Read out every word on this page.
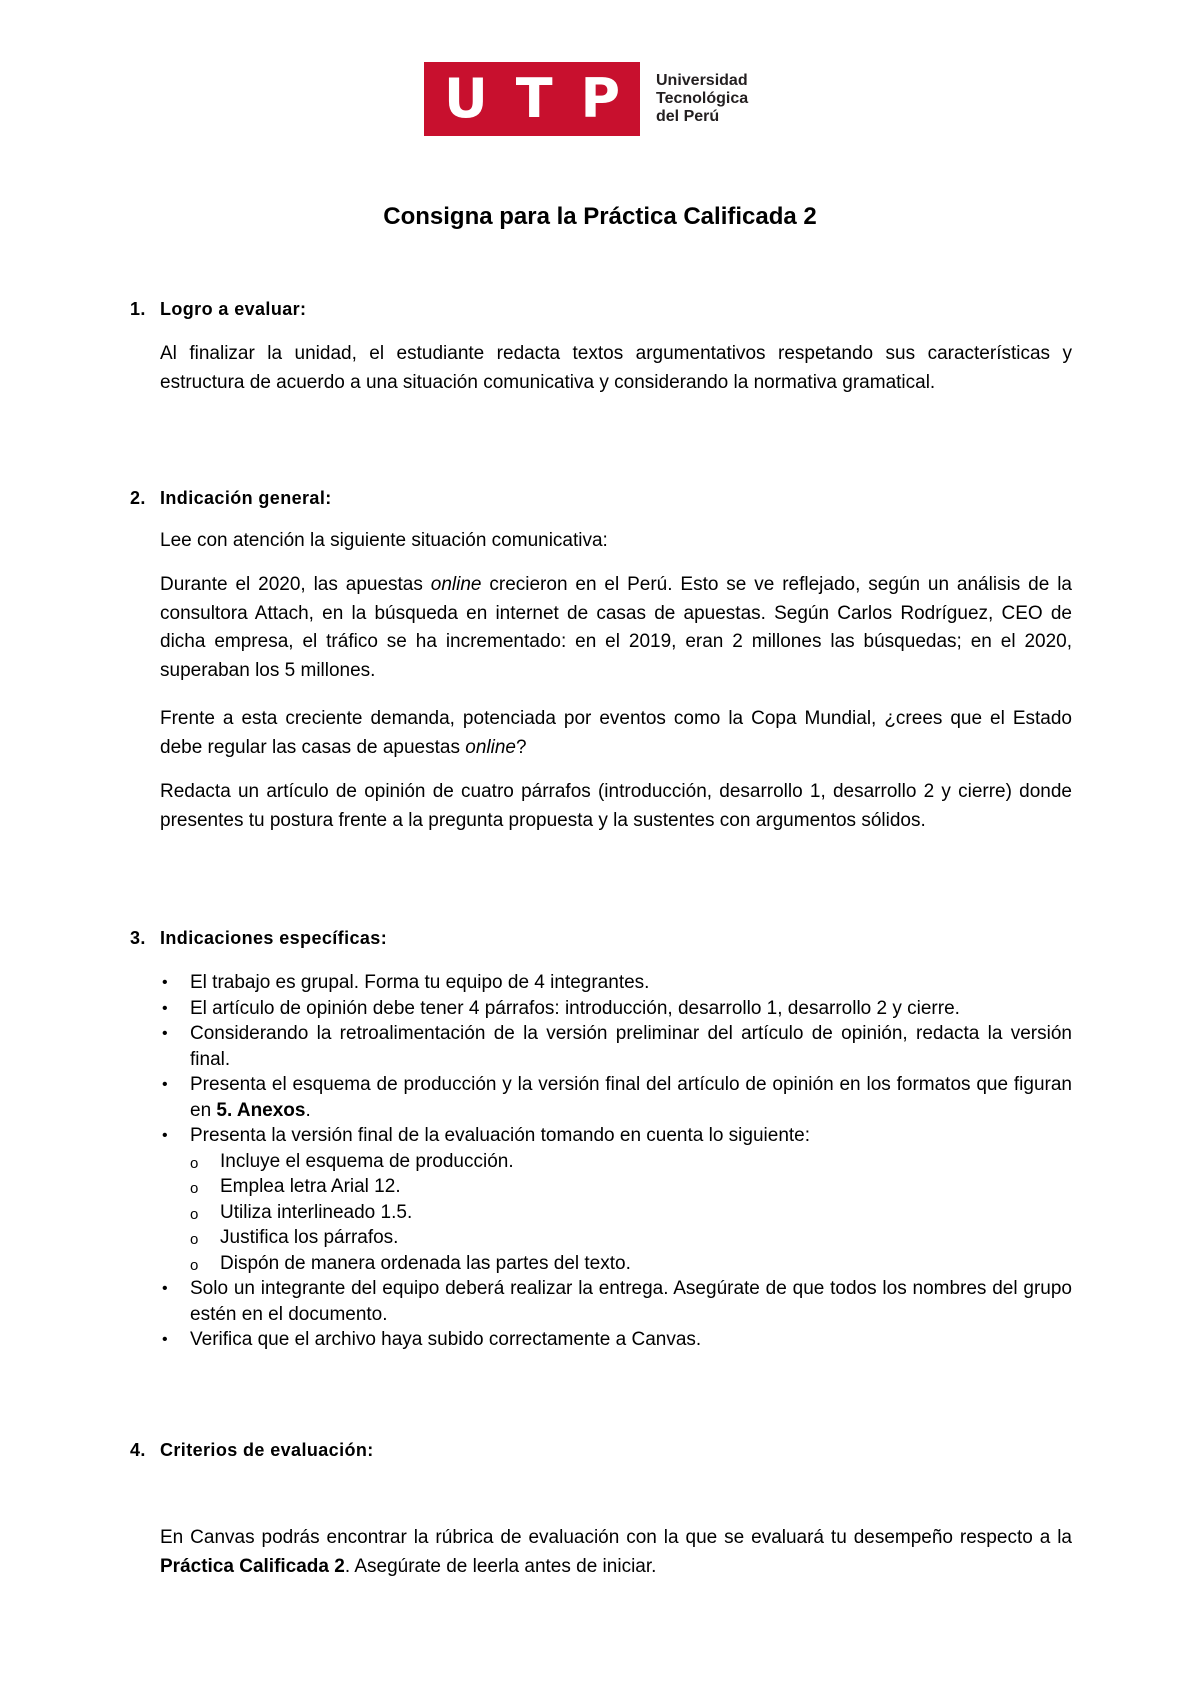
U T P Universidad
Tecnológica
del Perú
Consigna para la Práctica Calificada 2
1. Logro a evaluar:

Al finalizar la unidad, el estudiante redacta textos argumentativos respetando sus características y estructura de acuerdo a una situación comunicativa y considerando la normativa gramatical.

2. Indicación general:

Lee con atención la siguiente situación comunicativa:

Durante el 2020, las apuestas online crecieron en el Perú. Esto se ve reflejado, según un análisis de la consultora Attach, en la búsqueda en internet de casas de apuestas. Según Carlos Rodríguez, CEO de dicha empresa, el tráfico se ha incrementado: en el 2019, eran 2 millones las búsquedas; en el 2020, superaban los 5 millones.

Frente a esta creciente demanda, potenciada por eventos como la Copa Mundial, ¿crees que el Estado debe regular las casas de apuestas online?

Redacta un artículo de opinión de cuatro párrafos (introducción, desarrollo 1, desarrollo 2 y cierre) donde presentes tu postura frente a la pregunta propuesta y la sustentes con argumentos sólidos.

3. Indicaciones específicas:
• El trabajo es grupal. Forma tu equipo de 4 integrantes.
• El artículo de opinión debe tener 4 párrafos: introducción, desarrollo 1, desarrollo 2 y cierre.
• Considerando la retroalimentación de la versión preliminar del artículo de opinión, redacta la versión final.
• Presenta el esquema de producción y la versión final del artículo de opinión en los formatos que figuran en 5. Anexos.
• Presenta la versión final de la evaluación tomando en cuenta lo siguiente:
o Incluye el esquema de producción.
o Emplea letra Arial 12.
o Utiliza interlineado 1.5.
o Justifica los párrafos.
o Dispón de manera ordenada las partes del texto.
• Solo un integrante del equipo deberá realizar la entrega. Asegúrate de que todos los nombres del grupo estén en el documento.
• Verifica que el archivo haya subido correctamente a Canvas.
4. Criterios de evaluación:

En Canvas podrás encontrar la rúbrica de evaluación con la que se evaluará tu desempeño respecto a la Práctica Calificada 2. Asegúrate de leerla antes de iniciar.
